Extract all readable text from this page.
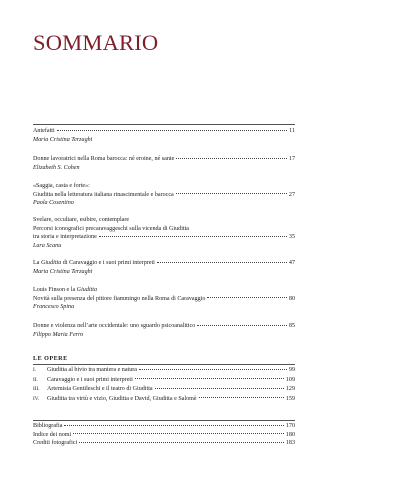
SOMMARIO
Antefatti	11
Maria Cristina Terzaghi
Donne lavoratrici nella Roma barocca: né eroine, né sante	17
Elizabeth S. Cohen
«Saggia, casta e forte»:
Giuditta nella letteratura italiana rinascimentale e barocca	27
Paola Cosentino
Svelare, occultare, esibire, contemplare
Percorsi iconografici precaravaggeschi sulla vicenda di Giuditta
tra storia e interpretazione	35
Lara Scanu
La Giuditta di Caravaggio e i suoi primi interpreti	47
Maria Cristina Terzaghi
Louis Finson e la Giuditta
Novità sulla presenza del pittore fiammingo nella Roma di Caravaggio	80
Francesco Spina
Donne e violenza nell’arte occidentale: uno sguardo psicoanalitico	85
Filippo Maria Ferro
LE OPERE
I.	Giuditta al bivio tra maniera e natura	99
II.	Caravaggio e i suoi primi interpreti	109
III.	Artemisia Gentileschi e il teatro di Giuditta	129
IV.	Giuditta tra virtù e vizio, Giuditta e David, Giuditta e Salomè	159
Bibliografia	170
Indice dei nomi	180
Crediti fotografici	183
